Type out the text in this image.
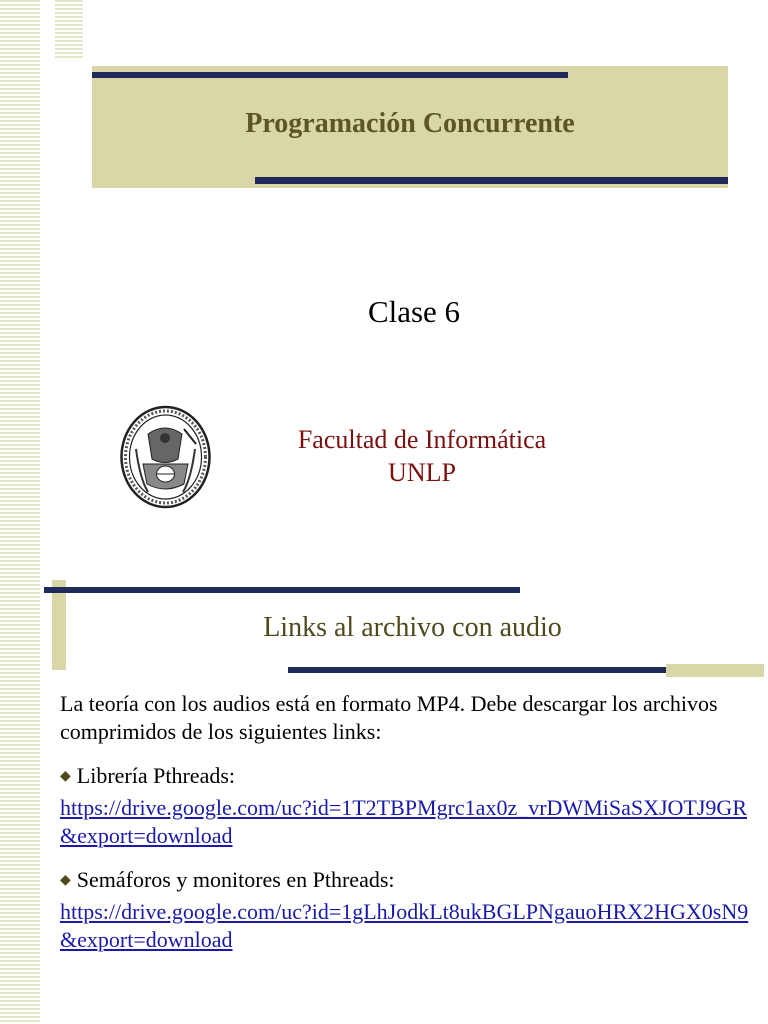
Programación Concurrente
Clase 6
Facultad de Informática
UNLP
Links al archivo con audio

La teoría con los audios está en formato MP4. Debe descargar los archivos comprimidos de los siguientes links:

◆ Librería Pthreads:
https://drive.google.com/uc?id=1T2TBPMgrc1ax0z_vrDWMiSaSXJOTJ9GR&export=download

◆ Semáforos y monitores en Pthreads:
https://drive.google.com/uc?id=1gLhJodkLt8ukBGLPNgauoHRX2HGX0sN9&export=download
